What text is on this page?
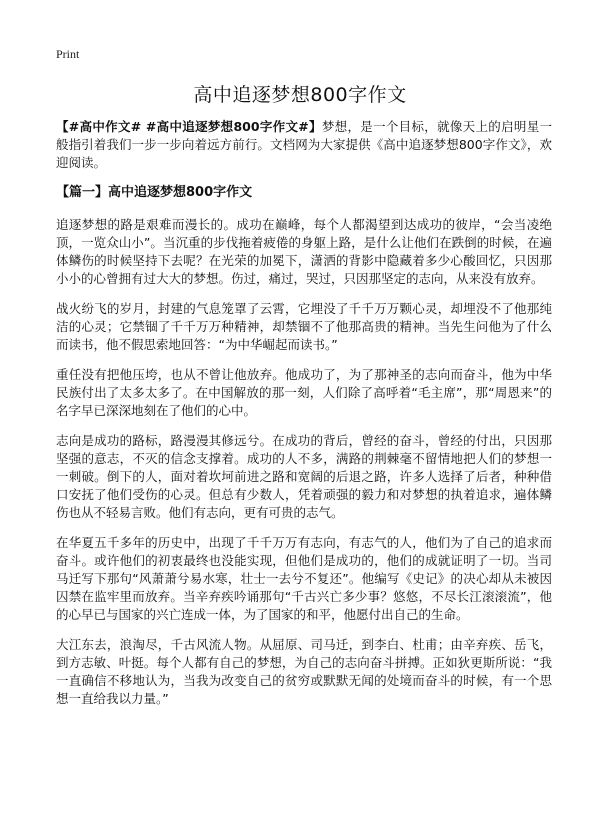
Print
高中追逐梦想800字作文

【#高中作文# #高中追逐梦想800字作文#】梦想，是一个目标，就像天上的启明星一般指引着我们一步一步向着远方前行。文档网为大家提供《高中追逐梦想800字作文》，欢迎阅读。

【篇一】高中追逐梦想800字作文

追逐梦想的路是艰难而漫长的。成功在巅峰，每个人都渴望到达成功的彼岸，“会当凌绝顶，一览众山小”。当沉重的步伐拖着疲倦的身躯上路，是什么让他们在跌倒的时候，在遍体鳞伤的时候坚持下去呢？在光荣的加冕下，潇洒的背影中隐藏着多少心酸回忆，只因那小小的心曾拥有过大大的梦想。伤过，痛过，哭过，只因那坚定的志向，从来没有放弃。

战火纷飞的岁月，封建的气息笼罩了云霄，它埋没了千千万万颗心灵，却埋没不了他那纯洁的心灵；它禁锢了千千万万种精神，却禁锢不了他那高贵的精神。当先生问他为了什么而读书，他不假思索地回答：“为中华崛起而读书。”

重任没有把他压垮，也从不曾让他放弃。他成功了，为了那神圣的志向而奋斗，他为中华民族付出了太多太多了。在中国解放的那一刻，人们除了高呼着“毛主席”，那“周恩来”的名字早已深深地刻在了他们的心中。

志向是成功的路标，路漫漫其修远兮。在成功的背后，曾经的奋斗，曾经的付出，只因那坚强的意志，不灭的信念支撑着。成功的人不多，满路的荆棘毫不留情地把人们的梦想一一刺破。倒下的人，面对着坎坷前进之路和宽阔的后退之路，许多人选择了后者，种种借口安抚了他们受伤的心灵。但总有少数人，凭着顽强的毅力和对梦想的执着追求，遍体鳞伤也从不轻易言败。他们有志向，更有可贵的志气。

在华夏五千多年的历史中，出现了千千万万有志向，有志气的人，他们为了自己的追求而奋斗。或许他们的初衷最终也没能实现，但他们是成功的，他们的成就证明了一切。当司马迁写下那句“风萧萧兮易水寒，壮士一去兮不复还”。他编写《史记》的决心却从未被因囚禁在监牢里而放弃。当辛弃疾吟诵那句“千古兴亡多少事？悠悠，不尽长江滚滚流”，他的心早已与国家的兴亡连成一体，为了国家的和平，他愿付出自己的生命。

大江东去，浪淘尽，千古风流人物。从屈原、司马迁，到李白、杜甫；由辛弃疾、岳飞，到方志敏、叶挺。每个人都有自己的梦想，为自己的志向奋斗拼搏。正如狄更斯所说：“我一直确信不移地认为，当我为改变自己的贫穷或默默无闻的处境而奋斗的时候，有一个思想一直给我以力量。”
